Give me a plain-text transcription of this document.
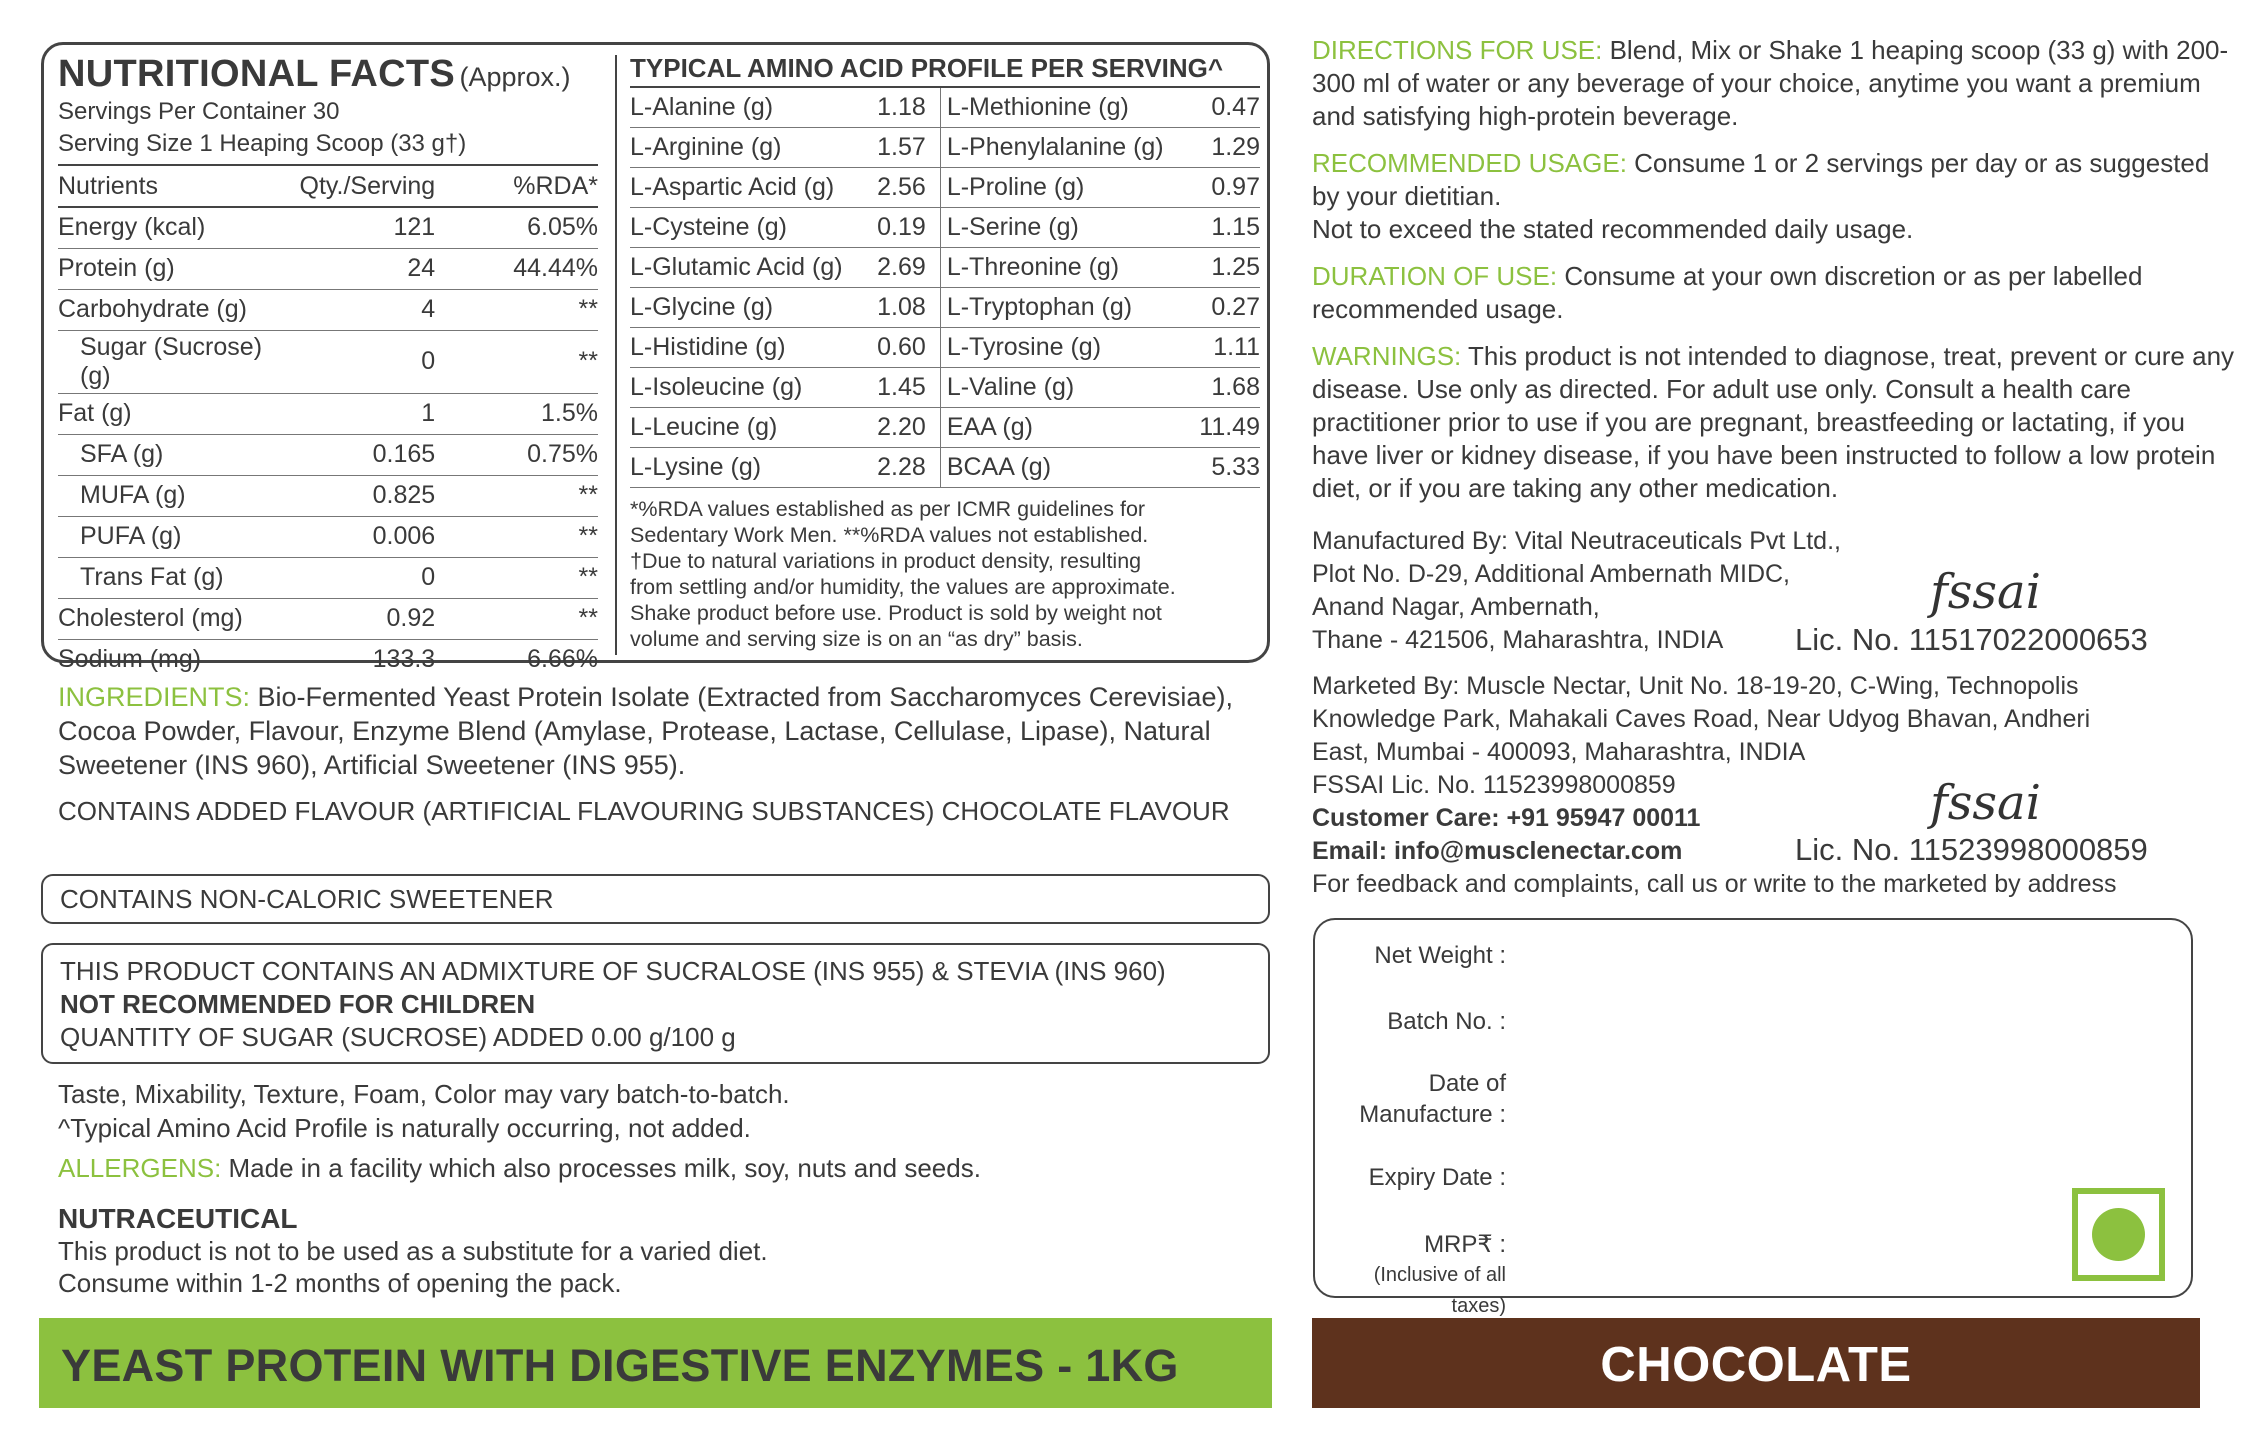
NUTRITIONAL FACTS (Approx.)
Servings Per Container 30
Serving Size 1 Heaping Scoop (33 g†)
Nutrients	Qty./Serving	%RDA*
Energy (kcal)	121	6.05%
Protein (g)	24	44.44%
Carbohydrate (g)	4	**
Sugar (Sucrose) (g)	0	**
Fat (g)	1	1.5%
SFA (g)	0.165	0.75%
MUFA (g)	0.825	**
PUFA (g)	0.006	**
Trans Fat (g)	0	**
Cholesterol (mg)	0.92	**
Sodium (mg)	133.3	6.66%
TYPICAL AMINO ACID PROFILE PER SERVING^
L-Alanine (g)	1.18	L-Methionine (g)	0.47
L-Arginine (g)	1.57	L-Phenylalanine (g)	1.29
L-Aspartic Acid (g)	2.56	L-Proline (g)	0.97
L-Cysteine (g)	0.19	L-Serine (g)	1.15
L-Glutamic Acid (g)	2.69	L-Threonine (g)	1.25
L-Glycine (g)	1.08	L-Tryptophan (g)	0.27
L-Histidine (g)	0.60	L-Tyrosine (g)	1.11
L-Isoleucine (g)	1.45	L-Valine (g)	1.68
L-Leucine (g)	2.20	EAA (g)	11.49
L-Lysine (g)	2.28	BCAA (g)	5.33
*%RDA values established as per ICMR guidelines for
Sedentary Work Men. **%RDA values not established.
†Due to natural variations in product density, resulting
from settling and/or humidity, the values are approximate.
Shake product before use. Product is sold by weight not
volume and serving size is on an “as dry” basis.
INGREDIENTS: Bio-Fermented Yeast Protein Isolate (Extracted from Saccharomyces Cerevisiae), Cocoa Powder, Flavour, Enzyme Blend (Amylase, Protease, Lactase, Cellulase, Lipase), Natural Sweetener (INS 960), Artificial Sweetener (INS 955).
CONTAINS ADDED FLAVOUR (ARTIFICIAL FLAVOURING SUBSTANCES) CHOCOLATE FLAVOUR
CONTAINS NON-CALORIC SWEETENER
THIS PRODUCT CONTAINS AN ADMIXTURE OF SUCRALOSE (INS 955) & STEVIA (INS 960)
NOT RECOMMENDED FOR CHILDREN
QUANTITY OF SUGAR (SUCROSE) ADDED 0.00 g/100 g
Taste, Mixability, Texture, Foam, Color may vary batch-to-batch.
^Typical Amino Acid Profile is naturally occurring, not added.
ALLERGENS: Made in a facility which also processes milk, soy, nuts and seeds.
NUTRACEUTICAL
This product is not to be used as a substitute for a varied diet.
Consume within 1-2 months of opening the pack.
YEAST PROTEIN WITH DIGESTIVE ENZYMES - 1KG	CHOCOLATE

DIRECTIONS FOR USE: Blend, Mix or Shake 1 heaping scoop (33 g) with 200-300 ml of water or any beverage of your choice, anytime you want a premium and satisfying high-protein beverage.

RECOMMENDED USAGE: Consume 1 or 2 servings per day or as suggested by your dietitian.
Not to exceed the stated recommended daily usage.

DURATION OF USE: Consume at your own discretion or as per labelled recommended usage.

WARNINGS: This product is not intended to diagnose, treat, prevent or cure any disease. Use only as directed. For adult use only. Consult a health care practitioner prior to use if you are pregnant, breastfeeding or lactating, if you have liver or kidney disease, if you have been instructed to follow a low protein diet, or if you are taking any other medication.

Manufactured By: Vital Neutraceuticals Pvt Ltd.,
Plot No. D-29, Additional Ambernath MIDC,
Anand Nagar, Ambernath,
Thane - 421506, Maharashtra, INDIA
fssai
Lic. No. 11517022000653
Marketed By: Muscle Nectar, Unit No. 18-19-20, C-Wing, Technopolis
Knowledge Park, Mahakali Caves Road, Near Udyog Bhavan, Andheri
East, Mumbai - 400093, Maharashtra, INDIA
FSSAI Lic. No. 11523998000859
Customer Care: +91 95947 00011
Email: info@musclenectar.com
For feedback and complaints, call us or write to the marketed by address
fssai
Lic. No. 11523998000859
Net Weight :
Batch No. :
Date of
Manufacture :
Expiry Date :
MRP₹ :
(Inclusive of all taxes)
